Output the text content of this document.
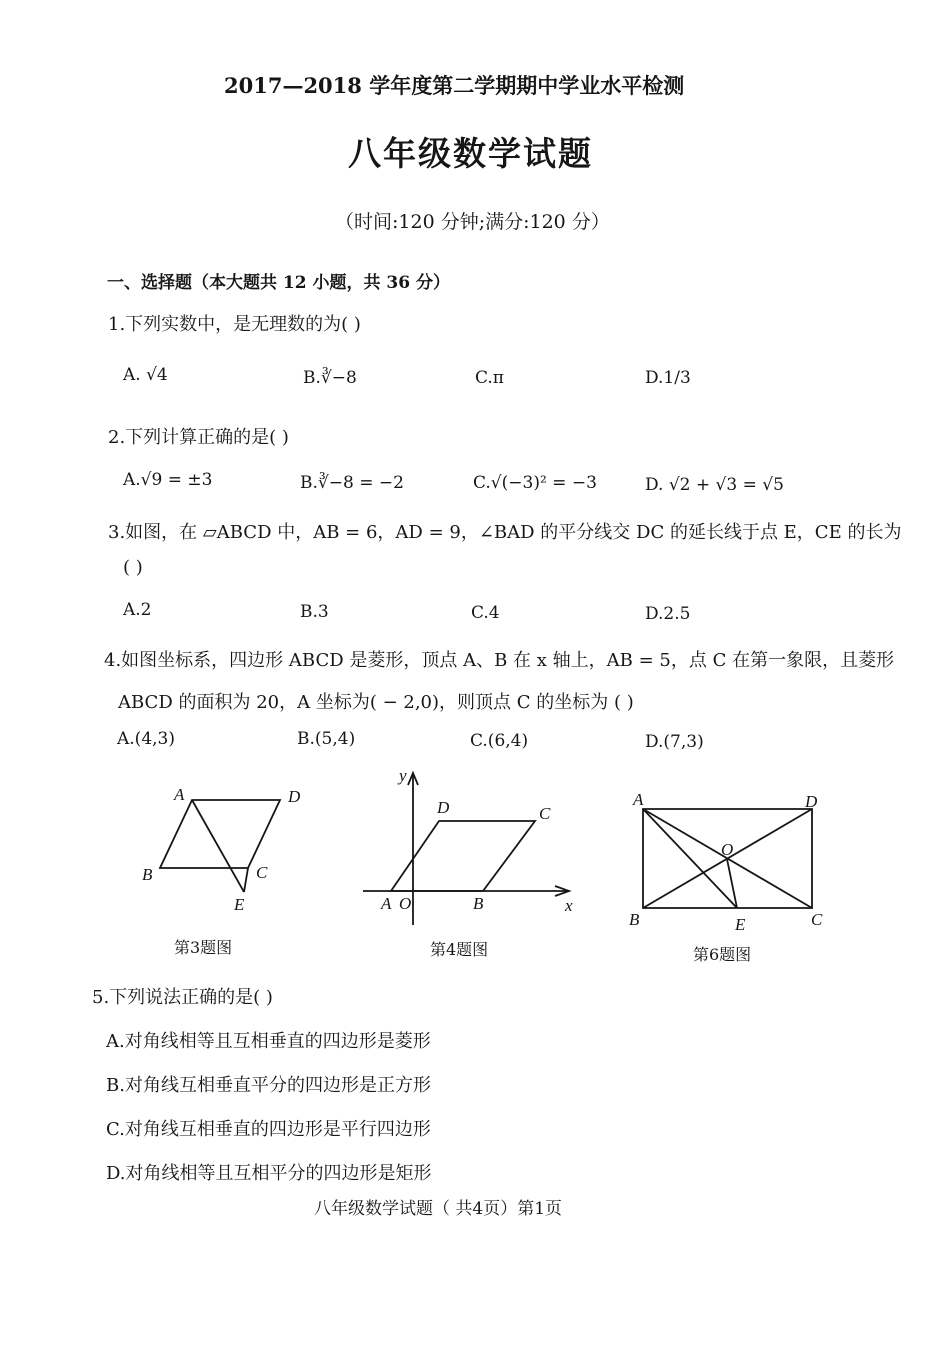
2017—2018 学年度第二学期期中学业水平检测
八年级数学试题
（时间:120 分钟;满分:120 分）
一、选择题（本大题共 12 小题，共 36 分）
1.下列实数中，是无理数的为( )
A. √4	B.∛−8	C.π	D.1/3
2.下列计算正确的是( )
A.√9 = ±3	B.∛−8 = −2	C.√(−3)² = −3	D. √2 + √3 = √5
3.如图，在 ▱ABCD 中，AB = 6，AD = 9，∠BAD 的平分线交 DC 的延长线于点 E，CE 的长为
( )
A.2	B.3	C.4	D.2.5
4.如图坐标系，四边形 ABCD 是菱形，顶点 A、B 在 x 轴上，AB = 5，点 C 在第一象限，且菱形
ABCD 的面积为 20，A 坐标为( − 2,0)，则顶点 C 的坐标为 ( )
A.(4,3)	B.(5,4)	C.(6,4)	D.(7,3)
A	D
B	C
E
第3题图
y
D	C
A O	B	x
第4题图
A	D
O
B	E	C
第6题图
5.下列说法正确的是( )
A.对角线相等且互相垂直的四边形是菱形
B.对角线互相垂直平分的四边形是正方形
C.对角线互相垂直的四边形是平行四边形
D.对角线相等且互相平分的四边形是矩形
八年级数学试题（ 共4页）第1页
